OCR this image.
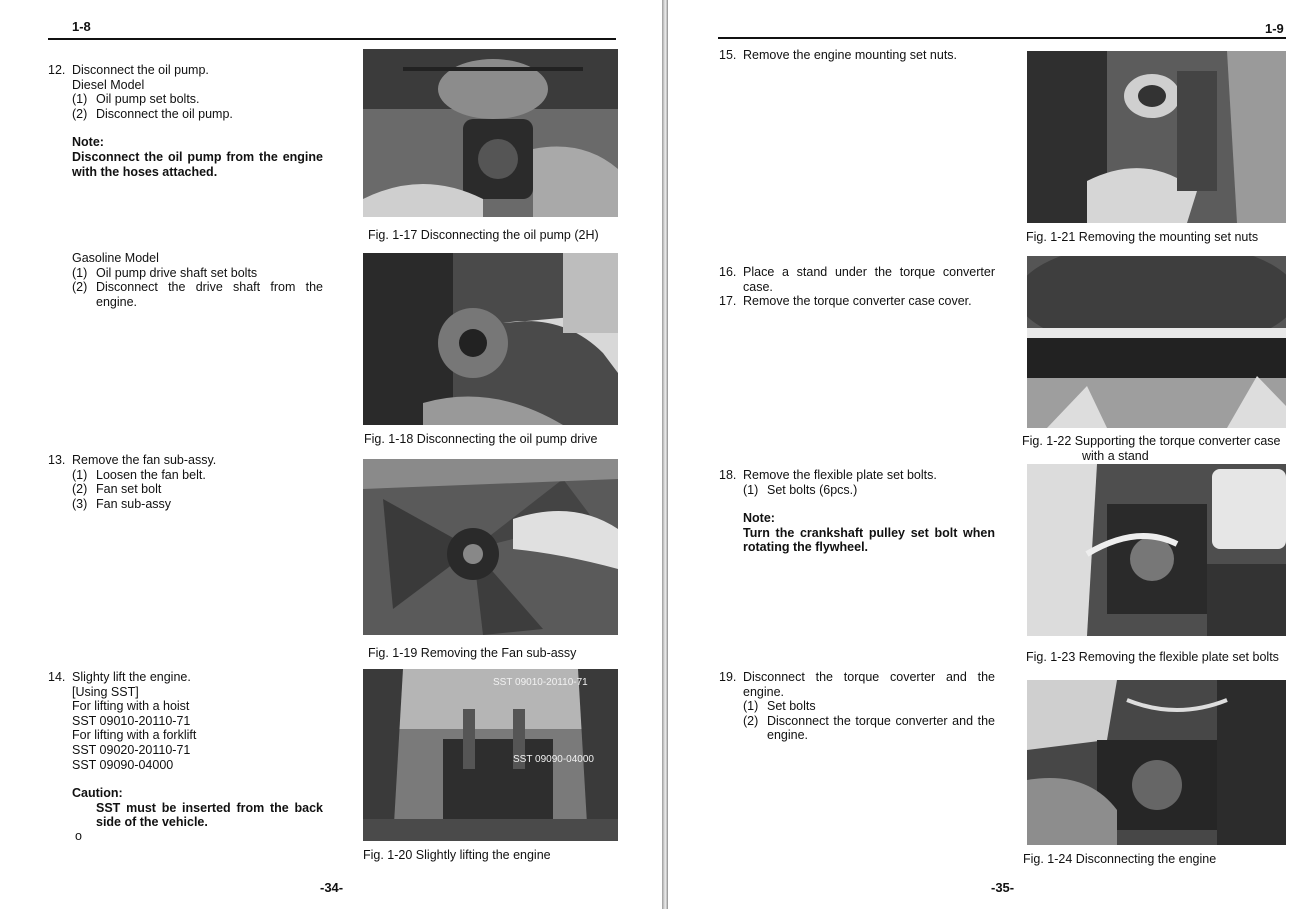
1-8
12. Disconnect the oil pump.
Diesel Model
(1) Oil pump set bolts.
(2) Disconnect the oil pump.
Note:
Disconnect the oil pump from the engine with the hoses attached.
Gasoline Model
(1) Oil pump drive shaft set bolts
(2) Disconnect the drive shaft from the engine.
13. Remove the fan sub-assy.
(1) Loosen the fan belt.
(2) Fan set bolt
(3) Fan sub-assy
14. Slighty lift the engine.
[Using SST]
For lifting with a hoist
SST 09010-20110-71
For lifting with a forklift
SST 09020-20110-71
SST 09090-04000
Caution:
SST must be inserted from the back side of the vehicle.
o
Fig. 1-17 Disconnecting the oil pump (2H)
Fig. 1-18 Disconnecting the oil pump drive
Fig. 1-19 Removing the Fan sub-assy
SST 09010-20110-71
SST 09090-04000
Fig. 1-20 Slightly lifting the engine
-34-
1-9
15. Remove the engine mounting set nuts.
16. Place a stand under the torque converter case.
17. Remove the torque converter case cover.
18. Remove the flexible plate set bolts.
(1) Set bolts (6pcs.)
Note:
Turn the crankshaft pulley set bolt when rotating the flywheel.
19. Disconnect the torque coverter and the engine.
(1) Set bolts
(2) Disconnect the torque converter and the engine.
Fig. 1-21 Removing the mounting set nuts
Fig. 1-22 Supporting the torque converter case
with a stand
Fig. 1-23 Removing the flexible plate set bolts
Fig. 1-24 Disconnecting the engine
-35-
